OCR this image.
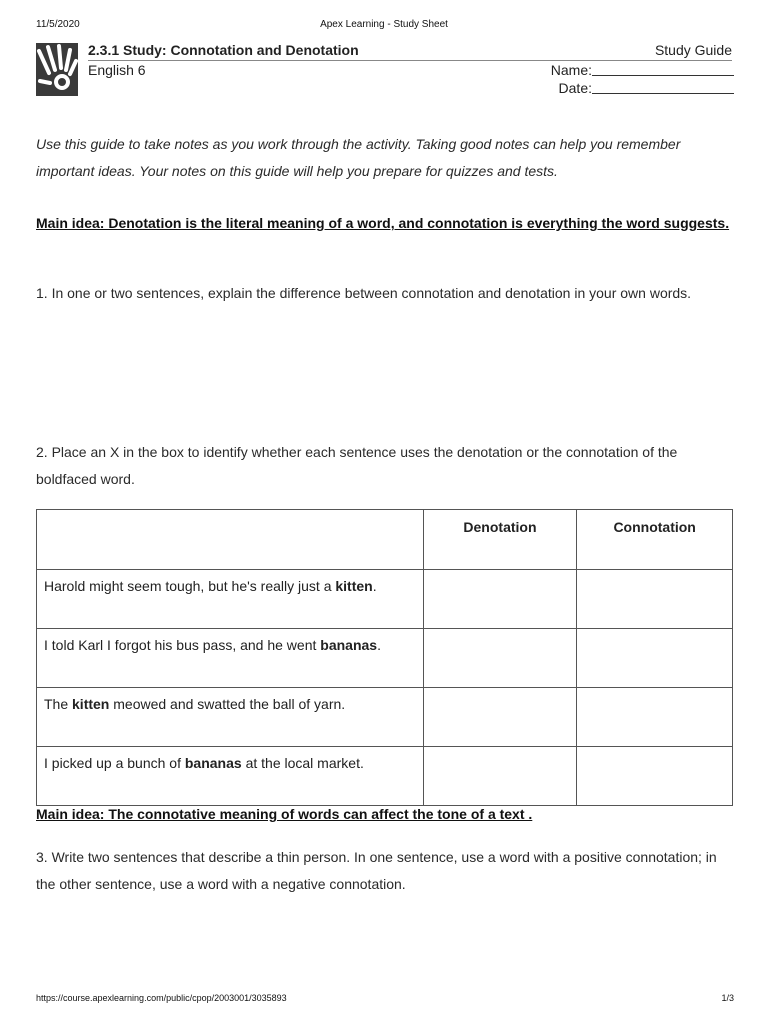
11/5/2020	Apex Learning - Study Sheet
2.3.1 Study: Connotation and Denotation	Study Guide
English 6	Name:
Date:
Use this guide to take notes as you work through the activity. Taking good notes can help you remember important ideas. Your notes on this guide will help you prepare for quizzes and tests.
Main idea: Denotation is the literal meaning of a word, and connotation is everything the word suggests.
1. In one or two sentences, explain the difference between connotation and denotation in your own words.
2. Place an X in the box to identify whether each sentence uses the denotation or the connotation of the boldfaced word.
	Denotation	Connotation
Harold might seem tough, but he's really just a kitten.		
I told Karl I forgot his bus pass, and he went bananas.		
The kitten meowed and swatted the ball of yarn.		
I picked up a bunch of bananas at the local market.		
Main idea: The connotative meaning of words can affect the tone of a text .
3. Write two sentences that describe a thin person. In one sentence, use a word with a positive connotation; in the other sentence, use a word with a negative connotation.
https://course.apexlearning.com/public/cpop/2003001/3035893	1/3
